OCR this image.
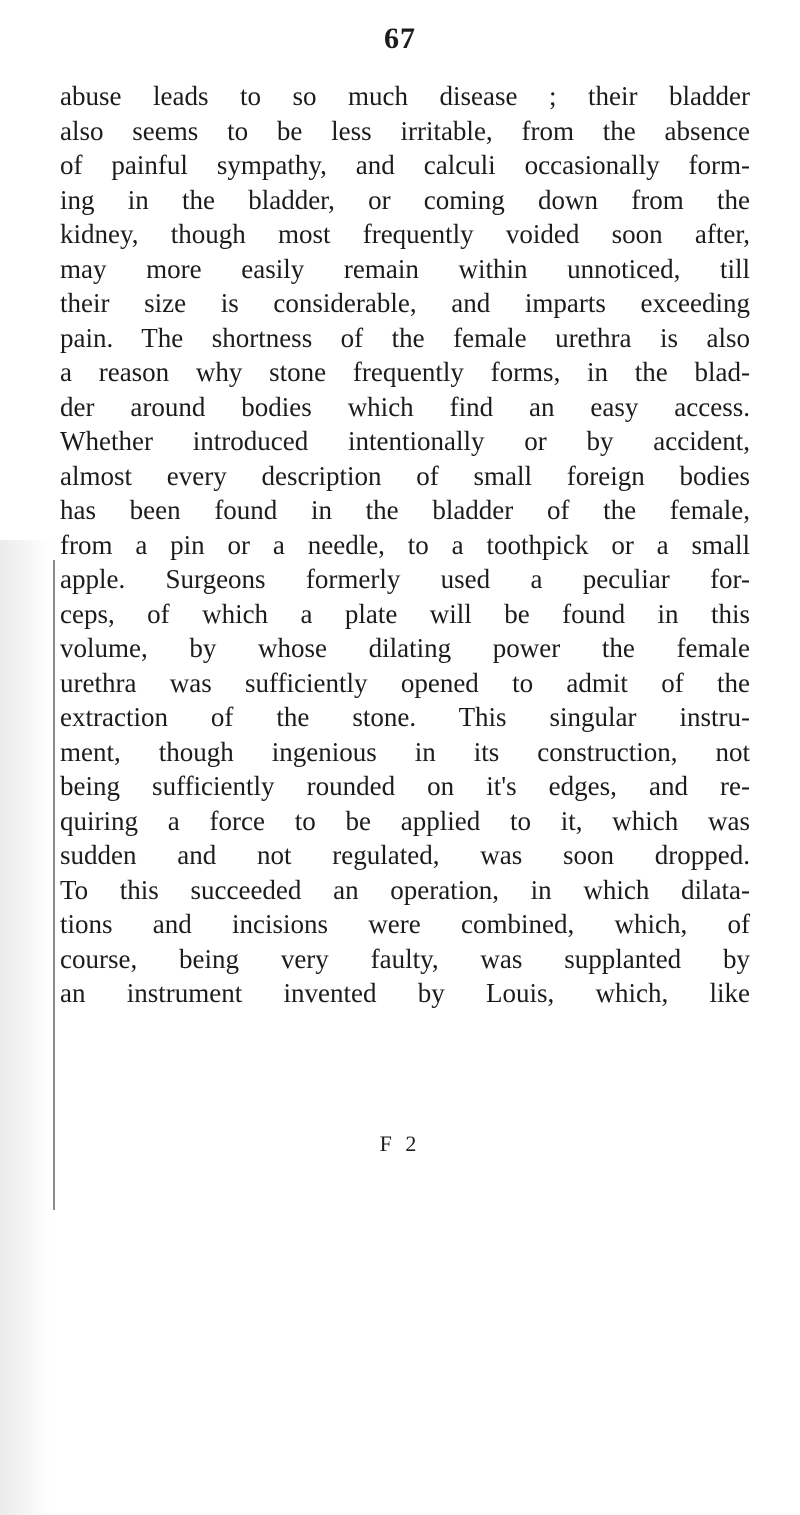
67
abuse leads to so much disease ; their bladder
also seems to be less irritable, from the absence
of painful sympathy, and calculi occasionally form-
ing in the bladder, or coming down from the
kidney, though most frequently voided soon after,
may more easily remain within unnoticed, till
their size is considerable, and imparts exceeding
pain. The shortness of the female urethra is also
a reason why stone frequently forms, in the blad-
der around bodies which find an easy access.
Whether introduced intentionally or by accident,
almost every description of small foreign bodies
has been found in the bladder of the female,
from a pin or a needle, to a toothpick or a small
apple. Surgeons formerly used a peculiar for-
ceps, of which a plate will be found in this
volume, by whose dilating power the female
urethra was sufficiently opened to admit of the
extraction of the stone. This singular instru-
ment, though ingenious in its construction, not
being sufficiently rounded on it's edges, and re-
quiring a force to be applied to it, which was
sudden and not regulated, was soon dropped.
To this succeeded an operation, in which dilata-
tions and incisions were combined, which, of
course, being very faulty, was supplanted by
an instrument invented by Louis, which, like
F 2
